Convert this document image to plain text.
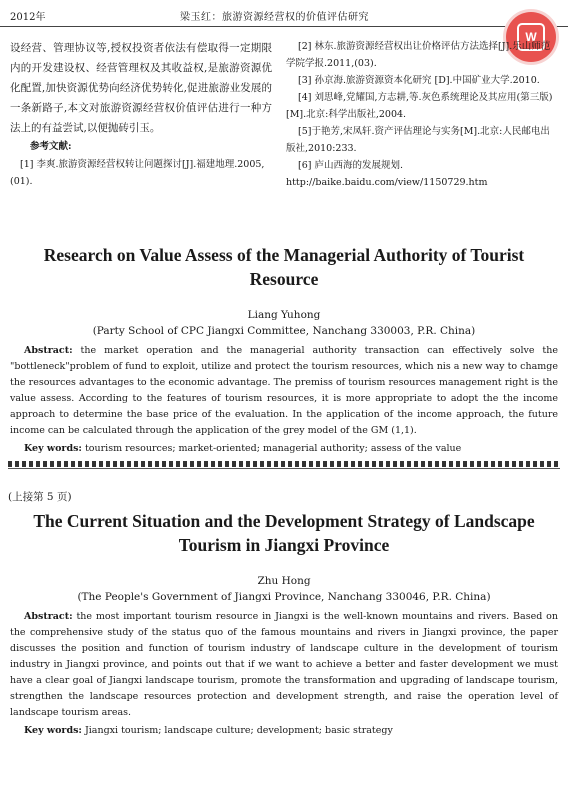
2012年	梁玉红：旅游资源经营权的价值评估研究
W

设经营、管理协议等,授权投资者依法有偿取得一定期限内的开发建设权、经营管理权及其收益权,是旅游资源优化配置,加快资源优势向经济优势转化,促进旅游业发展的一条新路子,本文对旅游资源经营权价值评估进行一种方法上的有益尝试,以便抛砖引玉。

参考文献:

[1] 李爽.旅游资源经营权转让问题探讨[J].福建地理.2005,(01).

[2] 林东.旅游资源经营权出让价格评估方法选择[J].乐山师范学院学报.2011,(03).

[3] 孙京海.旅游资源资本化研究 [D].中国矿业大学.2010.

[4] 刘思峰,党耀国,方志耕,等.灰色系统理论及其应用(第三版)[M].北京:科学出版社,2004.

[5]于艳芳,宋凤轩.资产评估理论与实务[M].北京:人民邮电出版社,2010:233.

[6] 庐山西海的发展规划. http://baike.baidu.com/view/1150729.htm

Research on Value Assess of the Managerial Authority of Tourist
Resource

Liang Yuhong
(Party School of CPC Jiangxi Committee, Nanchang 330003, P.R. China)
Abstract: the market operation and the managerial authority transaction can effectively solve the "bottleneck"problem of fund to exploit, utilize and protect the tourism resources, which nis a new way to chamge the resources advantages to the economic advantage. The premiss of tourism resources management right is the value assess. According to the features of tourism resources, it is more appropriate to adopt the the income approach to determine the base price of the evaluation. In the application of the income approach, the future income can be calculated through the application of the grey model of the GM (1,1).
Key words: tourism resources; market-oriented; managerial authority; assess of the value
(上接第 5 页)

The Current Situation and the Development Strategy of Landscape
Tourism in Jiangxi Province

Zhu Hong
(The People's Government of Jiangxi Province, Nanchang 330046, P.R. China)
Abstract: the most important tourism resource in Jiangxi is the well-known mountains and rivers. Based on the comprehensive study of the status quo of the famous mountains and rivers in Jiangxi province, the paper discusses the position and function of tourism industry of landscape culture in the development of tourism industry in Jiangxi province, and points out that if we want to achieve a better and faster development we must have a clear goal of Jiangxi landscape tourism, promote the transformation and upgrading of landscape tourism, strengthen the landscape resources protection and development strength, and raise the operation level of landscape tourism areas.
Key words: Jiangxi tourism; landscape culture; development; basic strategy
